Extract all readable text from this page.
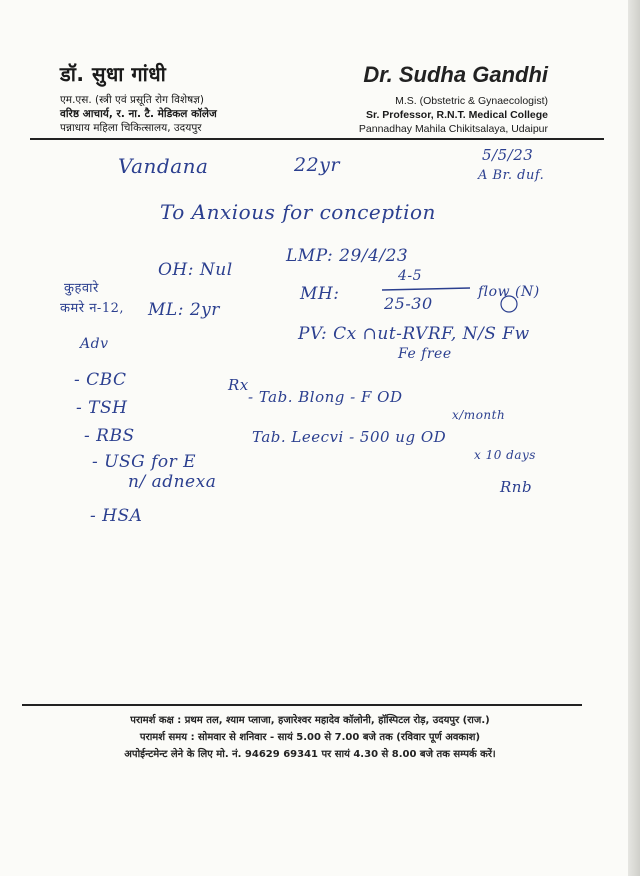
डॉ. सुधा गांधी
एम.एस. (स्त्री एवं प्रसूति रोग विशेषज्ञ)
वरिष्ठ आचार्य, र. ना. टै. मेडिकल कॉलेज
पन्नाधाय महिला चिकित्सालय, उदयपुर
Dr. Sudha Gandhi
M.S. (Obstetric & Gynaecologist)
Sr. Professor, R.N.T. Medical College
Pannadhay Mahila Chikitsalaya, Udaipur
5/5/23
A Br. duf.
Vandana	22yr
To Anxious for conception
OH: Nul
LMP: 29/4/23
MH:
4-5
25-30
flow (N)
कुहवारे
कमरे न-12, ML: 2yr
PV: Cx ∩ut-RVRF, N/S Fw
Fe free
Adv
- CBC
- TSH
- RBS
- USG for E
n/ adnexa
- HSA
Rx
- Tab. Blong - F OD
x/month
Tab. Leecvi - 500 ug OD
x 10 days
Rnb
परामर्श कक्ष : प्रथम तल, श्याम प्लाजा, हजारेश्वर महादेव कॉलोनी, हॉस्पिटल रोड़, उदयपुर (राज.)
परामर्श समय : सोमवार से शनिवार - सायं 5.00 से 7.00 बजे तक (रविवार पूर्ण अवकाश)
अपोईन्टमेन्ट लेने के लिए मो. नं. 94629 69341 पर सायं 4.30 से 8.00 बजे तक सम्पर्क करें।
